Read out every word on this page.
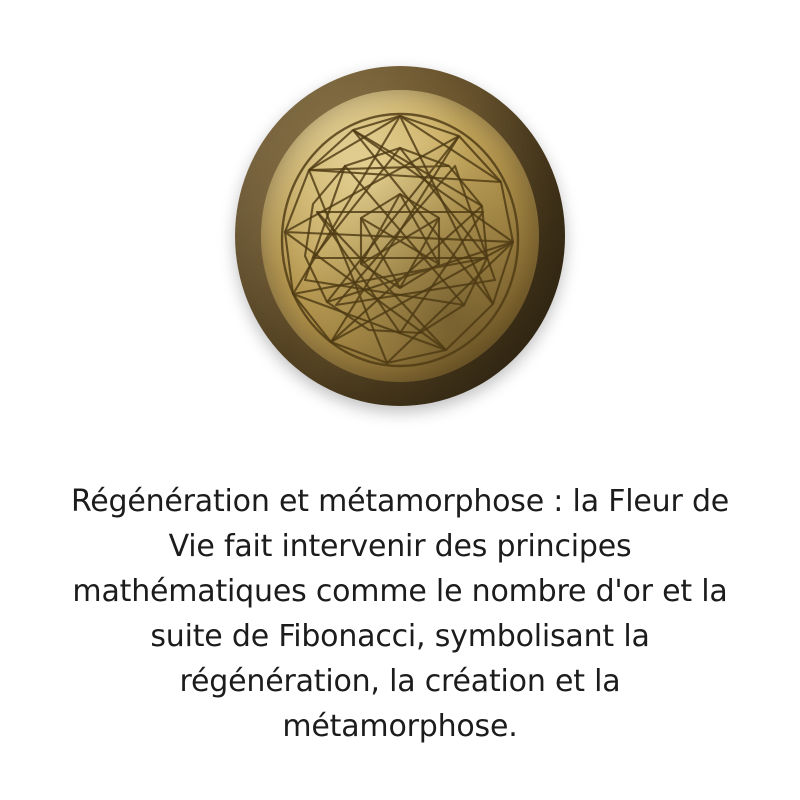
Régénération et métamorphose : la Fleur de Vie fait intervenir des principes mathématiques comme le nombre d'or et la suite de Fibonacci, symbolisant la régénération, la création et la métamorphose.
